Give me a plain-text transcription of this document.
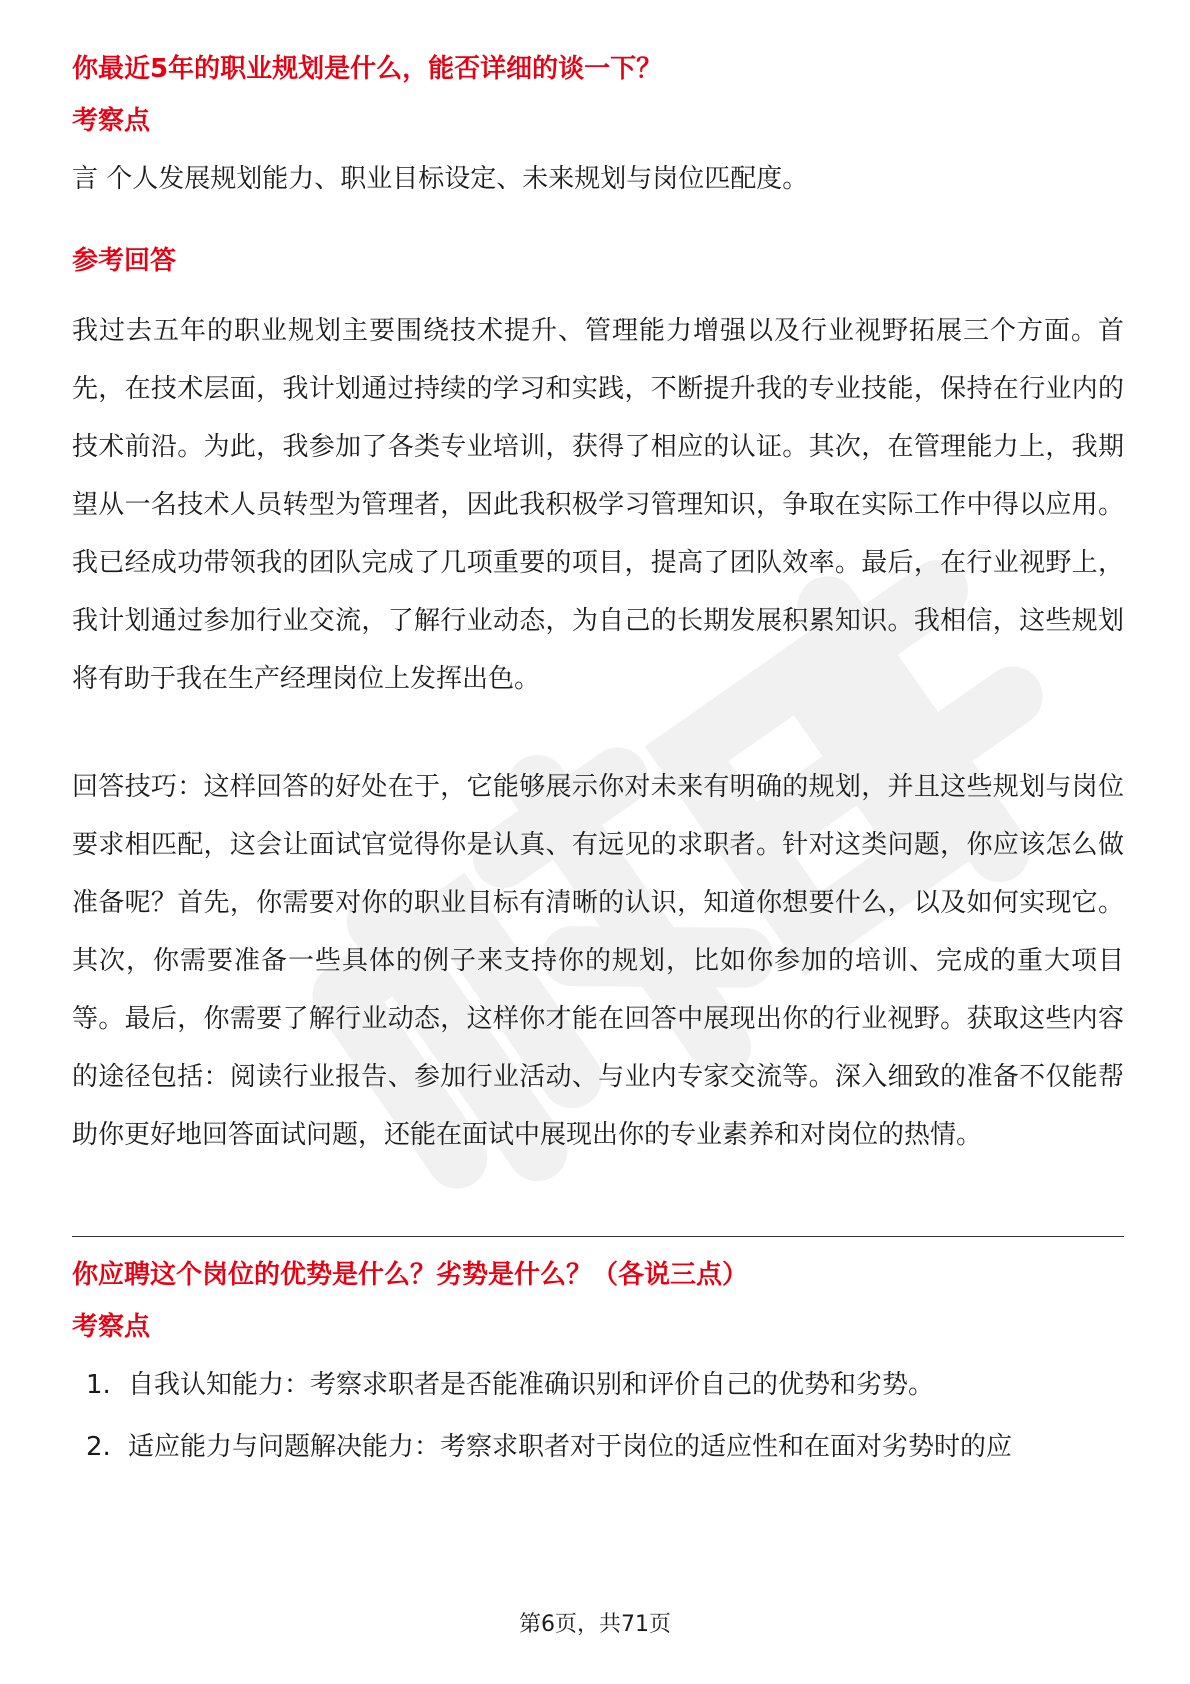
你最近5年的职业规划是什么，能否详细的谈一下？
考察点

言 个人发展规划能力、职业目标设定、未来规划与岗位匹配度。

参考回答

我过去五年的职业规划主要围绕技术提升、管理能力增强以及行业视野拓展三个方面。首先，在技术层面，我计划通过持续的学习和实践，不断提升我的专业技能，保持在行业内的技术前沿。为此，我参加了各类专业培训，获得了相应的认证。其次，在管理能力上，我期望从一名技术人员转型为管理者，因此我积极学习管理知识，争取在实际工作中得以应用。我已经成功带领我的团队完成了几项重要的项目，提高了团队效率。最后，在行业视野上，我计划通过参加行业交流，了解行业动态，为自己的长期发展积累知识。我相信，这些规划将有助于我在生产经理岗位上发挥出色。

回答技巧：这样回答的好处在于，它能够展示你对未来有明确的规划，并且这些规划与岗位要求相匹配，这会让面试官觉得你是认真、有远见的求职者。针对这类问题，你应该怎么做准备呢？首先，你需要对你的职业目标有清晰的认识，知道你想要什么，以及如何实现它。其次，你需要准备一些具体的例子来支持你的规划，比如你参加的培训、完成的重大项目等。最后，你需要了解行业动态，这样你才能在回答中展现出你的行业视野。获取这些内容的途径包括：阅读行业报告、参加行业活动、与业内专家交流等。深入细致的准备不仅能帮助你更好地回答面试问题，还能在面试中展现出你的专业素养和对岗位的热情。

你应聘这个岗位的优势是什么？劣势是什么？（各说三点）
考察点
1. 自我认知能力：考察求职者是否能准确识别和评价自己的优势和劣势。
2. 适应能力与问题解决能力：考察求职者对于岗位的适应性和在面对劣势时的应
第6页，共71页
